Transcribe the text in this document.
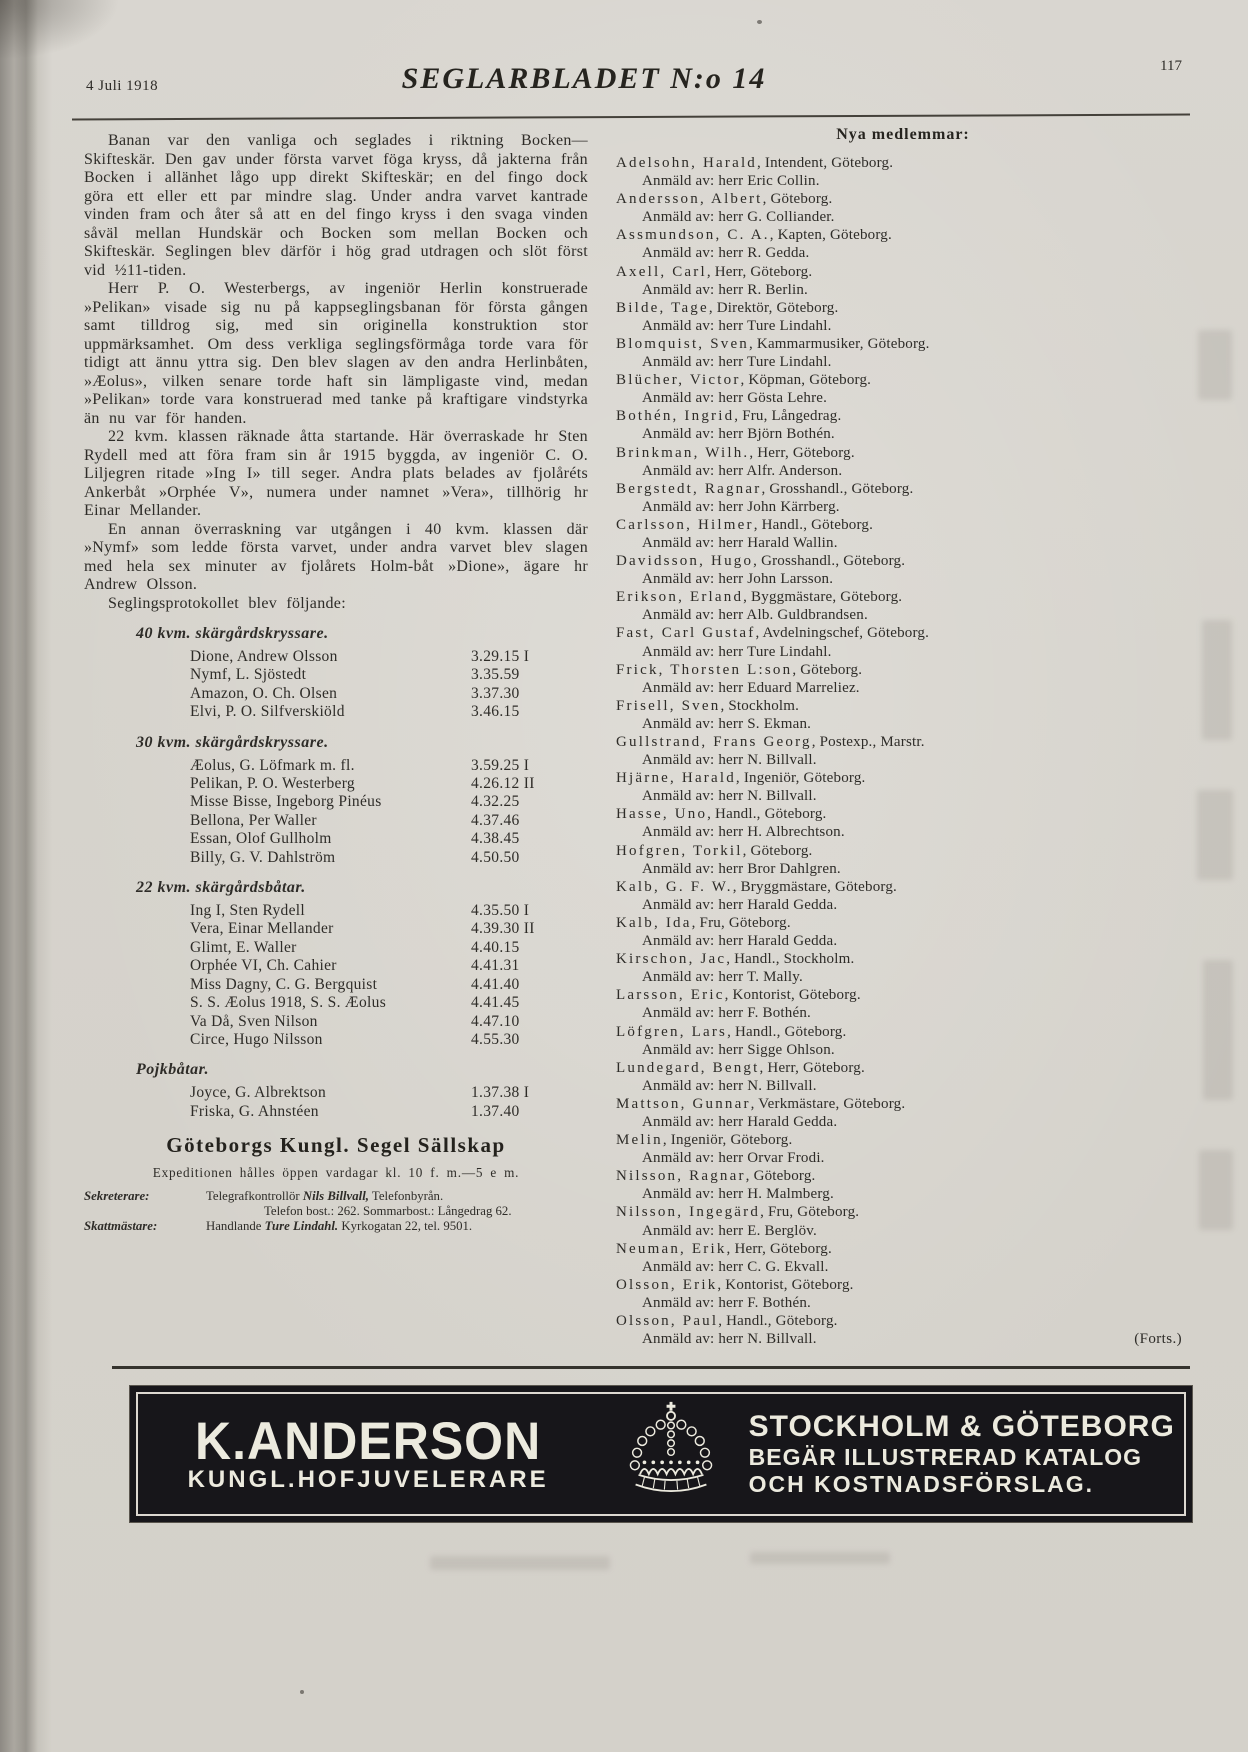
4 Juli 1918	SEGLARBLADET N:o 14	117

Banan var den vanliga och seglades i riktning Bocken—Skifteskär. Den gav under första varvet föga kryss, då jakterna från Bocken i allänhet lågo upp direkt Skifteskär; en del fingo dock göra ett eller ett par mindre slag. Under andra varvet kantrade vinden fram och åter så att en del fingo kryss i den svaga vinden såväl mellan Hundskär och Bocken som mellan Bocken och Skifteskär. Seglingen blev därför i hög grad utdragen och slöt först vid ½11-tiden.

Herr P. O. Westerbergs, av ingeniör Herlin konstruerade »Pelikan» visade sig nu på kappseglingsbanan för första gången samt tilldrog sig, med sin originella konstruktion stor uppmärksamhet. Om dess verkliga seglingsförmåga torde vara för tidigt att ännu yttra sig. Den blev slagen av den andra Herlinbåten, »Æolus», vilken senare torde haft sin lämpligaste vind, medan »Pelikan» torde vara konstruerad med tanke på kraftigare vindstyrka än nu var för handen.

22 kvm. klassen räknade åtta startande. Här överraskade hr Sten Rydell med att föra fram sin år 1915 byggda, av ingeniör C. O. Liljegren ritade »Ing I» till seger. Andra plats belades av fjolåréts Ankerbåt »Orphée V», numera under namnet »Vera», tillhörig hr Einar Mellander.

En annan överraskning var utgången i 40 kvm. klassen där »Nymf» som ledde första varvet, under andra varvet blev slagen med hela sex minuter av fjolårets Holm-båt »Dione», ägare hr Andrew Olsson.

Seglingsprotokollet blev följande:

40 kvm. skärgårdskryssare.
Dione, Andrew Olsson	3.29.15 I
Nymf, L. Sjöstedt	3.35.59
Amazon, O. Ch. Olsen	3.37.30
Elvi, P. O. Silfverskiöld	3.46.15
30 kvm. skärgårdskryssare.
Æolus, G. Löfmark m. fl.	3.59.25 I
Pelikan, P. O. Westerberg	4.26.12 II
Misse Bisse, Ingeborg Pinéus	4.32.25
Bellona, Per Waller	4.37.46
Essan, Olof Gullholm	4.38.45
Billy, G. V. Dahlström	4.50.50
22 kvm. skärgårdsbåtar.
Ing I, Sten Rydell	4.35.50 I
Vera, Einar Mellander	4.39.30 II
Glimt, E. Waller	4.40.15
Orphée VI, Ch. Cahier	4.41.31
Miss Dagny, C. G. Bergquist	4.41.40
S. S. Æolus 1918, S. S. Æolus	4.41.45
Va Då, Sven Nilson	4.47.10
Circe, Hugo Nilsson	4.55.30
Pojkbåtar.
Joyce, G. Albrektson	1.37.38 I
Friska, G. Ahnstéen	1.37.40
Göteborgs Kungl. Segel Sällskap
Expeditionen hålles öppen vardagar kl. 10 f. m.—5 e m.
Sekreterare:	Telegrafkontrollör Nils Billvall, Telefonbyrån.
Telefon bost.: 262. Sommarbost.: Långedrag 62.
Skattmästare:	Handlande Ture Lindahl. Kyrkogatan 22, tel. 9501.
Nya medlemmar:
Adelsohn, Harald, Intendent, Göteborg.
Anmäld av: herr Eric Collin.
Andersson, Albert, Göteborg.
Anmäld av: herr G. Colliander.
Assmundson, C. A., Kapten, Göteborg.
Anmäld av: herr R. Gedda.
Axell, Carl, Herr, Göteborg.
Anmäld av: herr R. Berlin.
Bilde, Tage, Direktör, Göteborg.
Anmäld av: herr Ture Lindahl.
Blomquist, Sven, Kammarmusiker, Göteborg.
Anmäld av: herr Ture Lindahl.
Blücher, Victor, Köpman, Göteborg.
Anmäld av: herr Gösta Lehre.
Bothén, Ingrid, Fru, Långedrag.
Anmäld av: herr Björn Bothén.
Brinkman, Wilh., Herr, Göteborg.
Anmäld av: herr Alfr. Anderson.
Bergstedt, Ragnar, Grosshandl., Göteborg.
Anmäld av: herr John Kärrberg.
Carlsson, Hilmer, Handl., Göteborg.
Anmäld av: herr Harald Wallin.
Davidsson, Hugo, Grosshandl., Göteborg.
Anmäld av: herr John Larsson.
Erikson, Erland, Byggmästare, Göteborg.
Anmäld av: herr Alb. Guldbrandsen.
Fast, Carl Gustaf, Avdelningschef, Göteborg.
Anmäld av: herr Ture Lindahl.
Frick, Thorsten L:son, Göteborg.
Anmäld av: herr Eduard Marreliez.
Frisell, Sven, Stockholm.
Anmäld av: herr S. Ekman.
Gullstrand, Frans Georg, Postexp., Marstr.
Anmäld av: herr N. Billvall.
Hjärne, Harald, Ingeniör, Göteborg.
Anmäld av: herr N. Billvall.
Hasse, Uno, Handl., Göteborg.
Anmäld av: herr H. Albrechtson.
Hofgren, Torkil, Göteborg.
Anmäld av: herr Bror Dahlgren.
Kalb, G. F. W., Bryggmästare, Göteborg.
Anmäld av: herr Harald Gedda.
Kalb, Ida, Fru, Göteborg.
Anmäld av: herr Harald Gedda.
Kirschon, Jac, Handl., Stockholm.
Anmäld av: herr T. Mally.
Larsson, Eric, Kontorist, Göteborg.
Anmäld av: herr F. Bothén.
Löfgren, Lars, Handl., Göteborg.
Anmäld av: herr Sigge Ohlson.
Lundegard, Bengt, Herr, Göteborg.
Anmäld av: herr N. Billvall.
Mattson, Gunnar, Verkmästare, Göteborg.
Anmäld av: herr Harald Gedda.
Melin, Ingeniör, Göteborg.
Anmäld av: herr Orvar Frodi.
Nilsson, Ragnar, Göteborg.
Anmäld av: herr H. Malmberg.
Nilsson, Ingegärd, Fru, Göteborg.
Anmäld av: herr E. Berglöv.
Neuman, Erik, Herr, Göteborg.
Anmäld av: herr C. G. Ekvall.
Olsson, Erik, Kontorist, Göteborg.
Anmäld av: herr F. Bothén.
Olsson, Paul, Handl., Göteborg.
Anmäld av: herr N. Billvall.	(Forts.)
K.ANDERSON
KUNGL.HOFJUVELERARE
STOCKHOLM & GÖTEBORG
BEGÄR ILLUSTRERAD KATALOG
OCH KOSTNADSFÖRSLAG.
